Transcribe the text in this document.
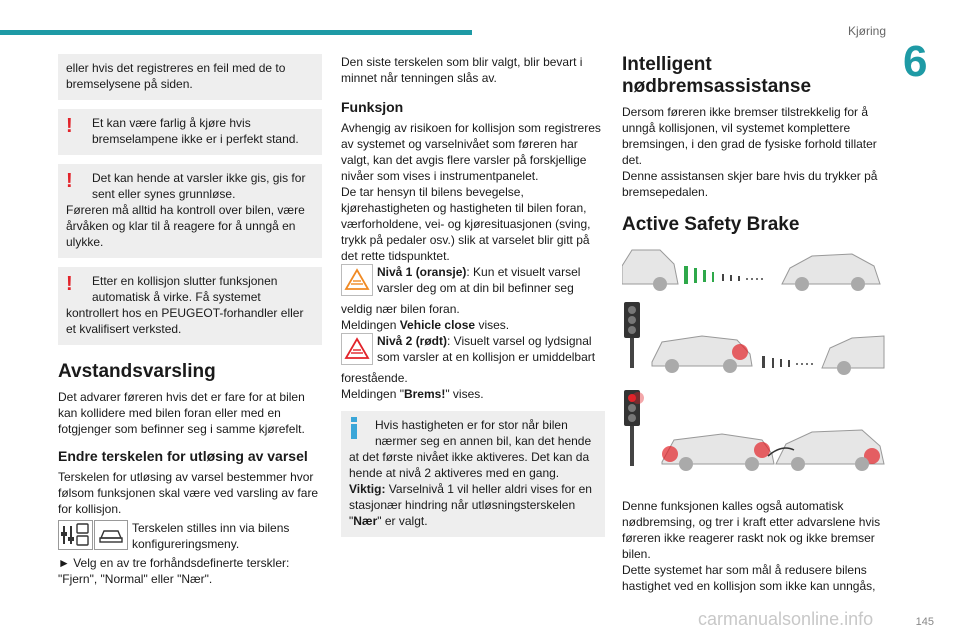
Kjøring
6
eller hvis det registreres en feil med de to bremselysene på siden.
!	Et kan være farlig å kjøre hvis bremselampene ikke er i perfekt stand.
!	Det kan hende at varsler ikke gis, gis for sent eller synes grunnløse.
Føreren må alltid ha kontroll over bilen, være årvåken og klar til å reagere for å unngå en ulykke.
!	Etter en kollisjon slutter funksjonen automatisk å virke. Få systemet
kontrollert hos en PEUGEOT-forhandler eller et kvalifisert verksted.
Avstandsvarsling

Det advarer føreren hvis det er fare for at bilen kan kollidere med bilen foran eller med en fotgjenger som befinner seg i samme kjørefelt.

Endre terskelen for utløsing av varsel

Terskelen for utløsing av varsel bestemmer hvor følsom funksjonen skal være ved varsling av fare for kollisjon.

Terskelen stilles inn via bilens konfigureringsmeny.

► Velg en av tre forhåndsdefinerte terskler: "Fjern", "Normal" eller "Nær".

Den siste terskelen som blir valgt, blir bevart i minnet når tenningen slås av.

Funksjon

Avhengig av risikoen for kollisjon som registreres av systemet og varselnivået som føreren har valgt, kan det avgis flere varsler på forskjellige nivåer som vises i instrumentpanelet.

De tar hensyn til bilens bevegelse, kjørehastigheten og hastigheten til bilen foran, værforholdene, vei- og kjøresituasjonen (sving, trykk på pedaler osv.) slik at varselet blir gitt på det rette tidspunktet.

Nivå 1 (oransje): Kun et visuelt varsel varsler deg om at din bil befinner seg

veldig nær bilen foran.

Meldingen Vehicle close vises.

Nivå 2 (rødt): Visuelt varsel og lydsignal som varsler at en kollisjon er umiddelbart

forestående.

Meldingen "Brems!" vises.

Hvis hastigheten er for stor når bilen nærmer seg en annen bil, kan det hende
at det første nivået ikke aktiveres. Det kan da hende at nivå 2 aktiveres med en gang.
Viktig: Varselnivå 1 vil heller aldri vises for en stasjonær hindring når utløsningsterskelen "Nær" er valgt.
Intelligent nødbremsassistanse

Dersom føreren ikke bremser tilstrekkelig for å unngå kollisjonen, vil systemet komplettere bremsingen, i den grad de fysiske forhold tillater det.

Denne assistansen skjer bare hvis du trykker på bremsepedalen.

Active Safety Brake

Denne funksjonen kalles også automatisk nødbremsing, og trer i kraft etter advarslene hvis føreren ikke reagerer raskt nok og ikke bremser bilen.

Dette systemet har som mål å redusere bilens hastighet ved en kollisjon som ikke kan unngås,

carmanualsonline.info	145
